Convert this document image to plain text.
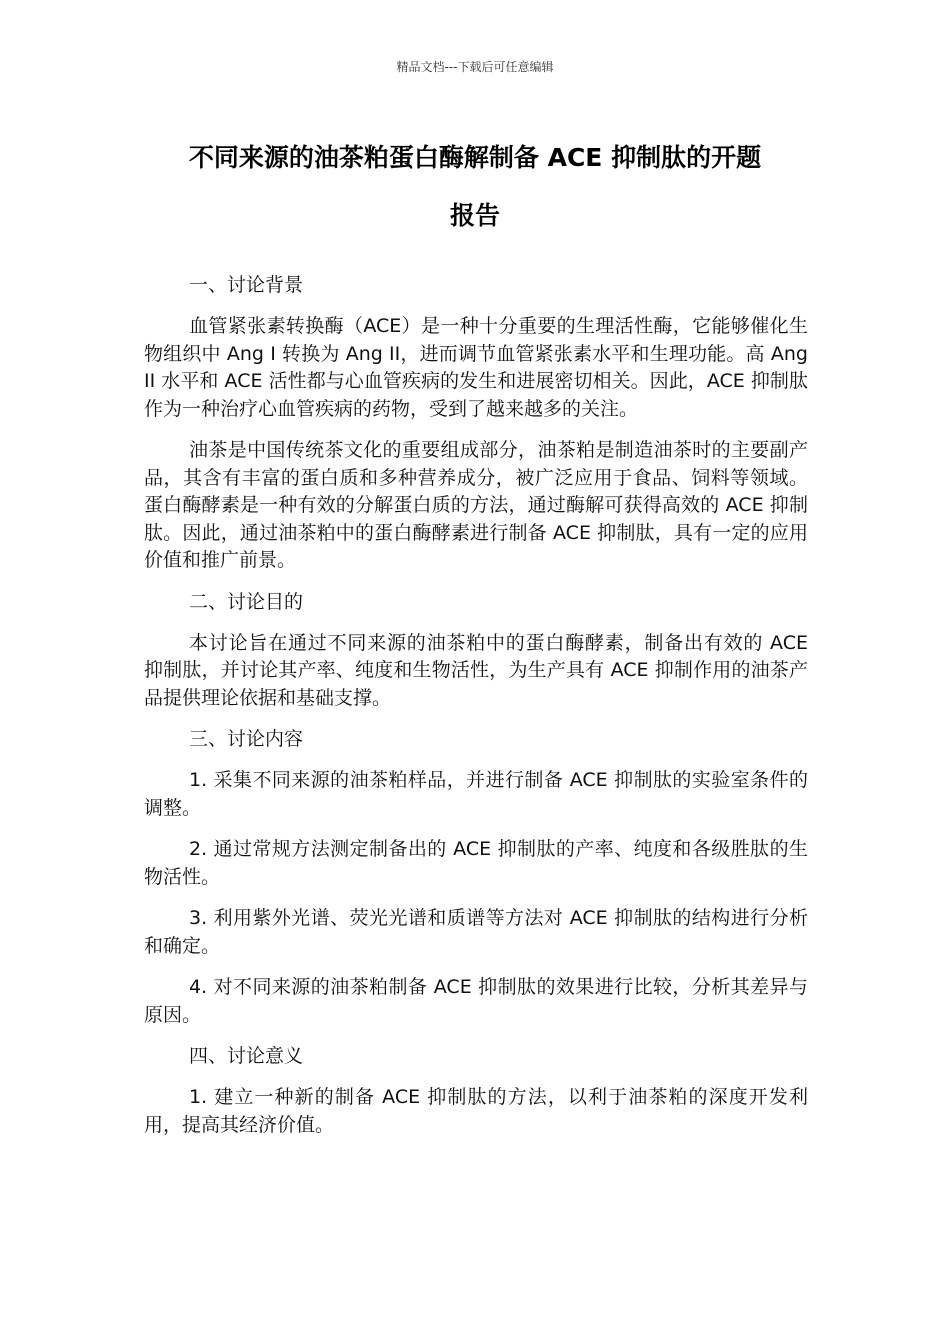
精品文档---下载后可任意编辑
不同来源的油茶粕蛋白酶解制备 ACE 抑制肽的开题
报告
一、讨论背景

血管紧张素转换酶（ACE）是一种十分重要的生理活性酶，它能够催化生物组织中 Ang I 转换为 Ang II，进而调节血管紧张素水平和生理功能。高 Ang II 水平和 ACE 活性都与心血管疾病的发生和进展密切相关。因此，ACE 抑制肽作为一种治疗心血管疾病的药物，受到了越来越多的关注。

油茶是中国传统茶文化的重要组成部分，油茶粕是制造油茶时的主要副产品，其含有丰富的蛋白质和多种营养成分，被广泛应用于食品、饲料等领域。蛋白酶酵素是一种有效的分解蛋白质的方法，通过酶解可获得高效的 ACE 抑制肽。因此，通过油茶粕中的蛋白酶酵素进行制备 ACE 抑制肽，具有一定的应用价值和推广前景。

二、讨论目的

本讨论旨在通过不同来源的油茶粕中的蛋白酶酵素，制备出有效的 ACE 抑制肽，并讨论其产率、纯度和生物活性，为生产具有 ACE 抑制作用的油茶产品提供理论依据和基础支撑。

三、讨论内容

1. 采集不同来源的油茶粕样品，并进行制备 ACE 抑制肽的实验室条件的调整。

2. 通过常规方法测定制备出的 ACE 抑制肽的产率、纯度和各级胜肽的生物活性。

3. 利用紫外光谱、荧光光谱和质谱等方法对 ACE 抑制肽的结构进行分析和确定。

4. 对不同来源的油茶粕制备 ACE 抑制肽的效果进行比较，分析其差异与原因。

四、讨论意义

1. 建立一种新的制备 ACE 抑制肽的方法，以利于油茶粕的深度开发利用，提高其经济价值。
